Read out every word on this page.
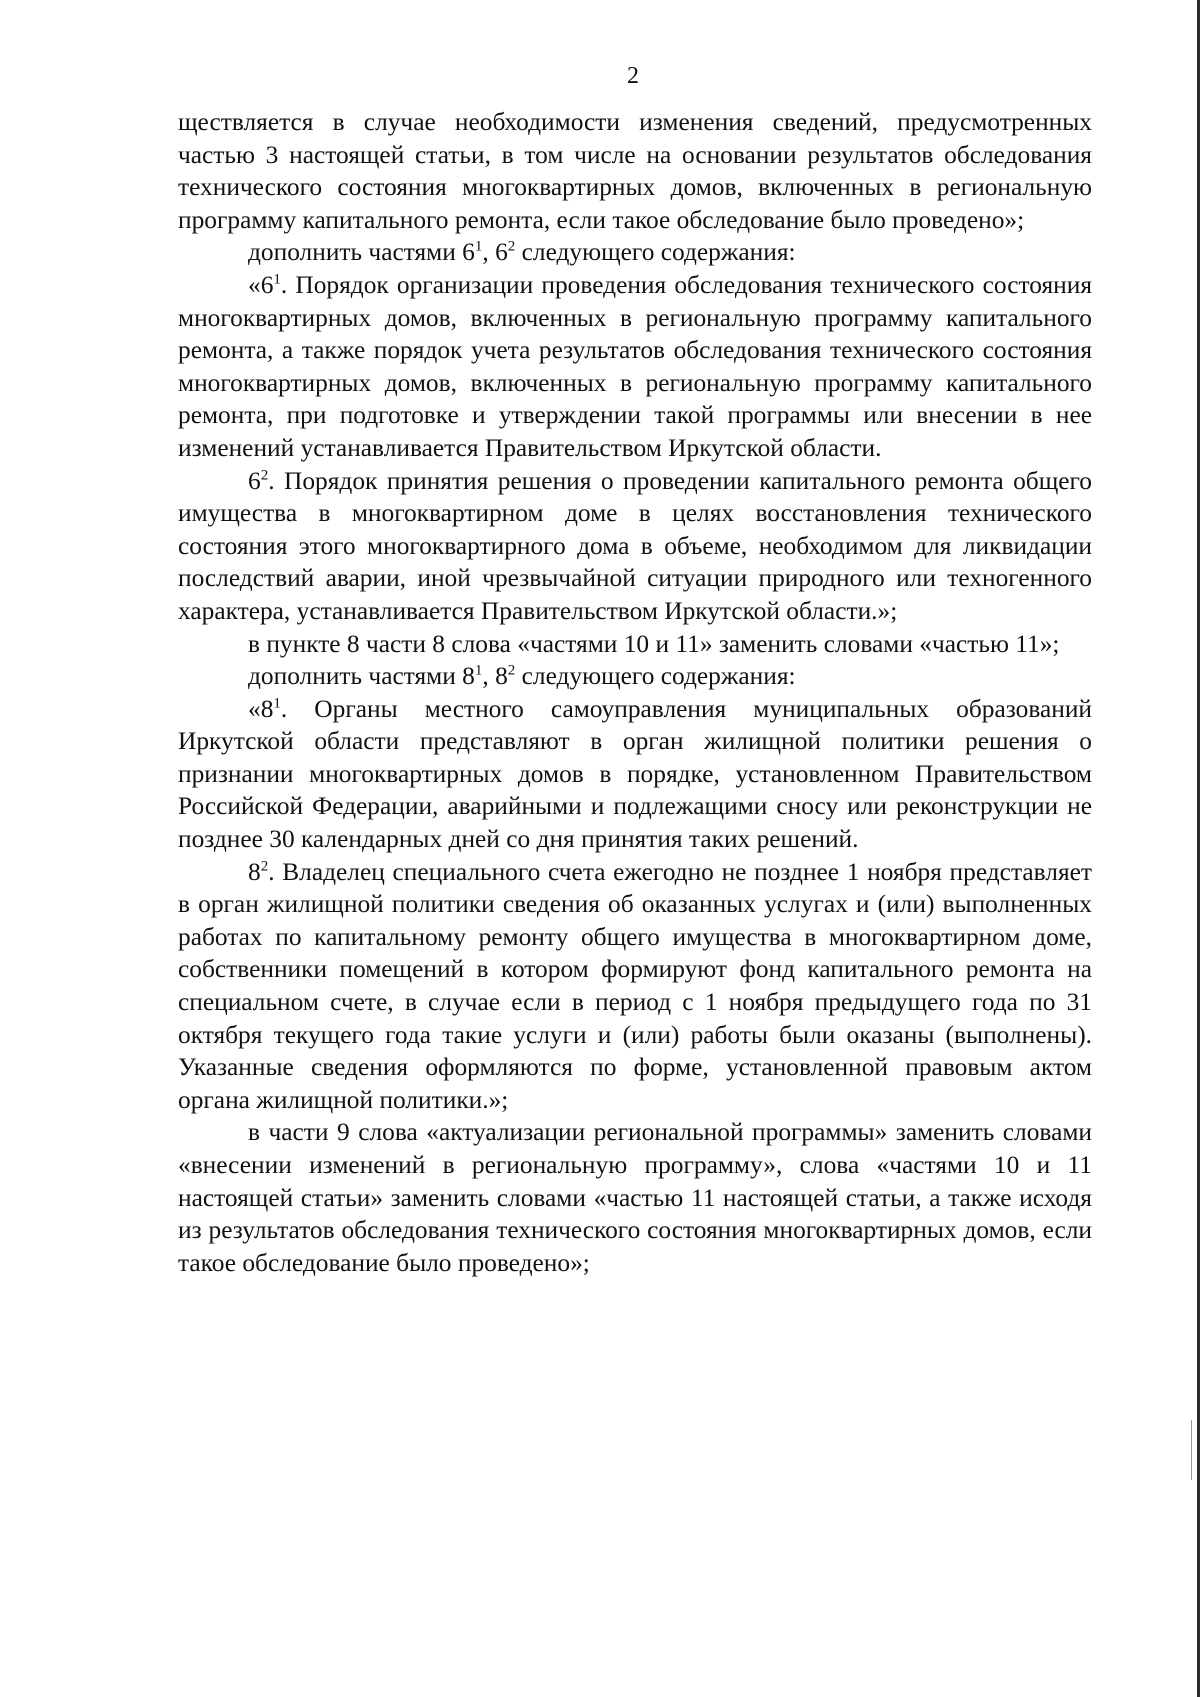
2

ществляется в случае необходимости изменения сведений, предусмотренных частью 3 настоящей статьи, в том числе на основании результатов обследования технического состояния многоквартирных домов, включенных в региональную программу капитального ремонта, если такое обследование было проведено»;

дополнить частями $6^1$, $6^2$ следующего содержания:

«$6^1$. Порядок организации проведения обследования технического состояния многоквартирных домов, включенных в региональную программу капитального ремонта, а также порядок учета результатов обследования технического состояния многоквартирных домов, включенных в региональную программу капитального ремонта, при подготовке и утверждении такой программы или внесении в нее изменений устанавливается Правительством Иркутской области.

$6^2$. Порядок принятия решения о проведении капитального ремонта общего имущества в многоквартирном доме в целях восстановления технического состояния этого многоквартирного дома в объеме, необходимом для ликвидации последствий аварии, иной чрезвычайной ситуации природного или техногенного характера, устанавливается Правительством Иркутской области.»;

в пункте 8 части 8 слова «частями 10 и 11» заменить словами «частью 11»;

дополнить частями $8^1$, $8^2$ следующего содержания:

«$8^1$. Органы местного самоуправления муниципальных образований Иркутской области представляют в орган жилищной политики решения о признании многоквартирных домов в порядке, установленном Правительством Российской Федерации, аварийными и подлежащими сносу или реконструкции не позднее 30 календарных дней со дня принятия таких решений.

$8^2$. Владелец специального счета ежегодно не позднее 1 ноября представляет в орган жилищной политики сведения об оказанных услугах и (или) выполненных работах по капитальному ремонту общего имущества в многоквартирном доме, собственники помещений в котором формируют фонд капитального ремонта на специальном счете, в случае если в период с 1 ноября предыдущего года по 31 октября текущего года такие услуги и (или) работы были оказаны (выполнены). Указанные сведения оформляются по форме, установленной правовым актом органа жилищной политики.»;

в части 9 слова «актуализации региональной программы» заменить словами «внесении изменений в региональную программу», слова «частями 10 и 11 настоящей статьи» заменить словами «частью 11 настоящей статьи, а также исходя из результатов обследования технического состояния многоквартирных домов, если такое обследование было проведено»;
